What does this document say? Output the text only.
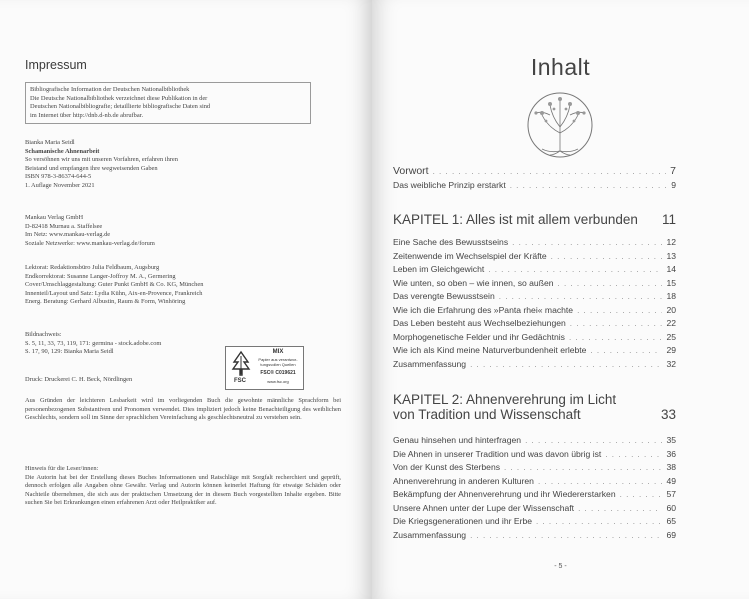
Impressum
Bibliografische Information der Deutschen Nationalbibliothek
Die Deutsche Nationalbibliothek verzeichnet diese Publikation in der
Deutschen Nationalbibliografie; detaillierte bibliografische Daten sind
im Internet über http://dnb.d-nb.de abrufbar.
Bianka Maria Seidl
Schamanische Ahnenarbeit
So versöhnen wir uns mit unseren Vorfahren, erfahren ihren
Beistand und empfangen ihre wegweisenden Gaben
ISBN 978-3-86374-644-5
1. Auflage November 2021
Mankau Verlag GmbH
D-82418 Murnau a. Staffelsee
Im Netz: www.mankau-verlag.de
Soziale Netzwerke: www.mankau-verlag.de/forum
Lektorat: Redaktionsbüro Julia Feldbaum, Augsburg
Endkorrektorat: Susanne Langer-Joffroy M. A., Germering
Cover/Umschlaggestaltung: Guter Punkt GmbH & Co. KG, München
Innenteil/Layout und Satz: Lydia Kühn, Aix-en-Provence, Frankreich
Energ. Beratung: Gerhard Albustin, Raum & Form, Winhöring
Bildnachweis:
S. 5, 11, 33, 73, 119, 171: germina - stock.adobe.com
S. 17, 90, 129: Bianka Maria Seidl
FSC
MIX
Papier aus verantwor-
tungsvollen Quellen
FSC® C019621
www.fsc.org
Druck: Druckerei C. H. Beck, Nördlingen
Aus Gründen der leichteren Lesbarkeit wird im vorliegenden Buch die gewohnte männliche Sprachform bei personenbezogenen Substantiven und Pronomen verwendet. Dies impliziert jedoch keine Benachteiligung des weiblichen Geschlechts, sondern soll im Sinne der sprachlichen Vereinfachung als geschlechtsneutral zu verstehen sein.
Hinweis für die Leser/innen:
Die Autorin hat bei der Erstellung dieses Buches Informationen und Ratschläge mit Sorgfalt recherchiert und geprüft, dennoch erfolgen alle Angaben ohne Gewähr. Verlag und Autorin können keinerlei Haftung für etwaige Schäden oder Nachteile übernehmen, die sich aus der praktischen Umsetzung der in diesem Buch vorgestellten Inhalte ergeben. Bitte suchen Sie bei Erkrankungen einen erfahrenen Arzt oder Heilpraktiker auf.
Inhalt
Vorwort . . .	7
Das weibliche Prinzip erstarkt . . .	9
KAPITEL 1: Alles ist mit allem verbunden 11
Eine Sache des Bewusstseins . . .	12
Zeitenwende im Wechselspiel der Kräfte . . .	13
Leben im Gleichgewicht . . .	14
Wie unten, so oben – wie innen, so außen . . .	15
Das verengte Bewusstsein . . .	18
Wie ich die Erfahrung des »Panta rhei« machte . . .	20
Das Leben besteht aus Wechselbeziehungen . . .	22
Morphogenetische Felder und ihr Gedächtnis . . .	25
Wie ich als Kind meine Naturverbundenheit erlebte . . .	29
Zusammenfassung . . .	32
KAPITEL 2: Ahnenverehrung im Licht
von Tradition und Wissenschaft	33
Genau hinsehen und hinterfragen . . .	35
Die Ahnen in unserer Tradition und was davon übrig ist . . .	36
Von der Kunst des Sterbens . . .	38
Ahnenverehrung in anderen Kulturen . . .	49
Bekämpfung der Ahnenverehrung und ihr Wiedererstarken . . .	57
Unsere Ahnen unter der Lupe der Wissenschaft . . .	60
Die Kriegsgenerationen und ihr Erbe . . .	65
Zusammenfassung . . .	69
- 5 -
